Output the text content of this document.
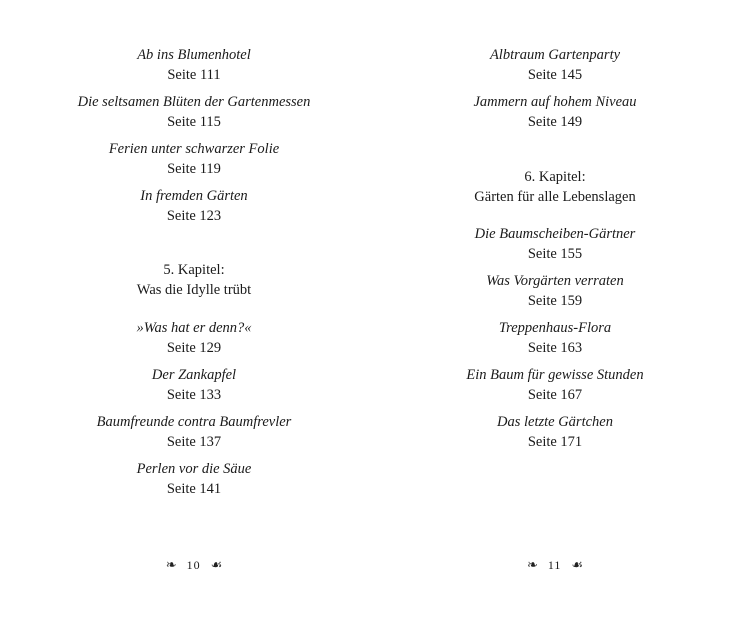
Ab ins Blumenhotel
Seite 111
Die seltsamen Blüten der Gartenmessen
Seite 115
Ferien unter schwarzer Folie
Seite 119
In fremden Gärten
Seite 123
5. Kapitel:
Was die Idylle trübt
»Was hat er denn?«
Seite 129
Der Zankapfel
Seite 133
Baumfreunde contra Baumfrevler
Seite 137
Perlen vor die Säue
Seite 141
❧ 10 ☙
Albtraum Gartenparty
Seite 145
Jammern auf hohem Niveau
Seite 149
6. Kapitel:
Gärten für alle Lebenslagen
Die Baumscheiben-Gärtner
Seite 155
Was Vorgärten verraten
Seite 159
Treppenhaus-Flora
Seite 163
Ein Baum für gewisse Stunden
Seite 167
Das letzte Gärtchen
Seite 171
❧ 11 ☙
